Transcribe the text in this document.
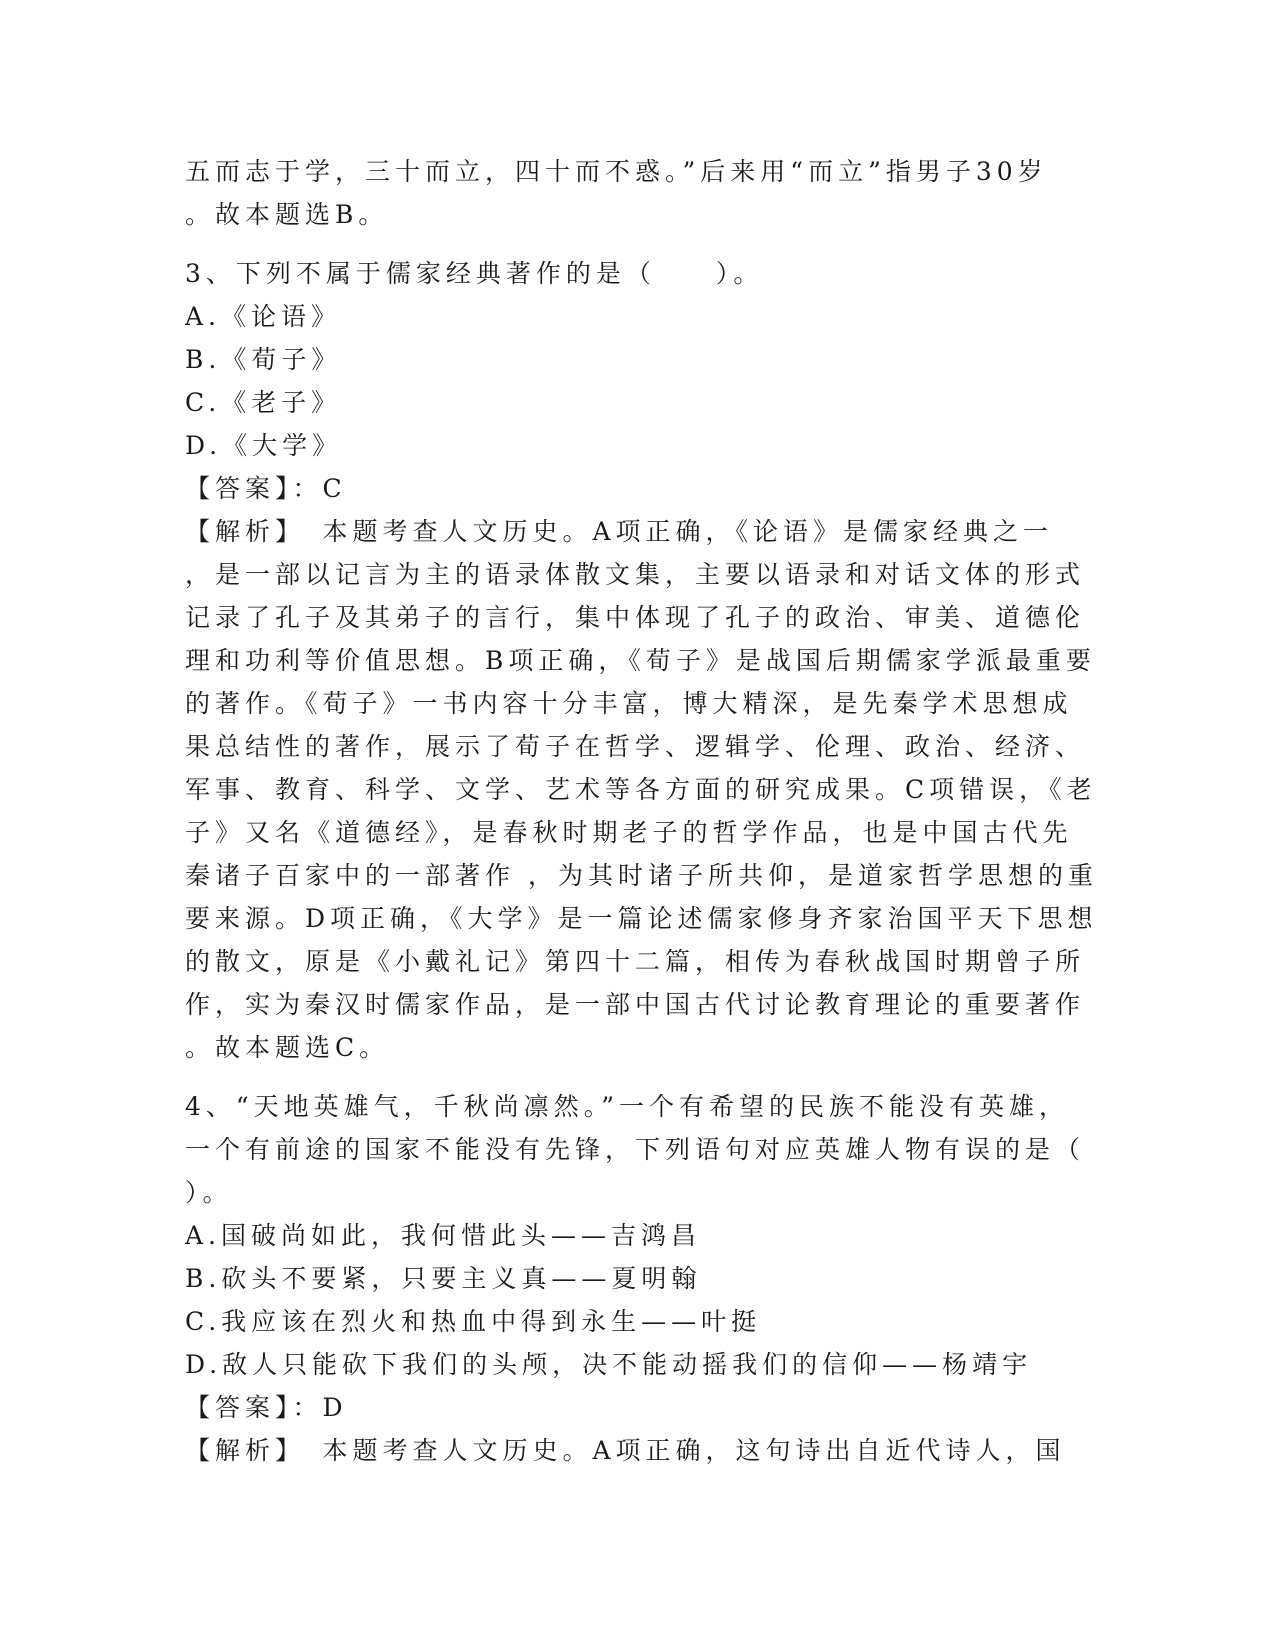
五而志于学，三十而立，四十而不惑。”后来用“而立”指男子30岁
。故本题选B。
3、下列不属于儒家经典著作的是（　　）。
A.《论语》
B.《荀子》
C.《老子》
D.《大学》
【答案】：C
【解析】　本题考查人文历史。A项正确，《论语》是儒家经典之一
，是一部以记言为主的语录体散文集，主要以语录和对话文体的形式
记录了孔子及其弟子的言行，集中体现了孔子的政治、审美、道德伦
理和功利等价值思想。B项正确，《荀子》是战国后期儒家学派最重要
的著作。《荀子》一书内容十分丰富，博大精深，是先秦学术思想成
果总结性的著作，展示了荀子在哲学、逻辑学、伦理、政治、经济、
军事、教育、科学、文学、艺术等各方面的研究成果。C项错误，《老
子》又名《道德经》，是春秋时期老子的哲学作品，也是中国古代先
秦诸子百家中的一部著作 ，为其时诸子所共仰，是道家哲学思想的重
要来源。D项正确，《大学》是一篇论述儒家修身齐家治国平天下思想
的散文，原是《小戴礼记》第四十二篇，相传为春秋战国时期曾子所
作，实为秦汉时儒家作品，是一部中国古代讨论教育理论的重要著作
。故本题选C。
4、“天地英雄气，千秋尚凛然。”一个有希望的民族不能没有英雄，
一个有前途的国家不能没有先锋，下列语句对应英雄人物有误的是（
）。
A.国破尚如此，我何惜此头——吉鸿昌
B.砍头不要紧，只要主义真——夏明翰
C.我应该在烈火和热血中得到永生——叶挺
D.敌人只能砍下我们的头颅，决不能动摇我们的信仰——杨靖宇
【答案】：D
【解析】　本题考查人文历史。A项正确，这句诗出自近代诗人，国
